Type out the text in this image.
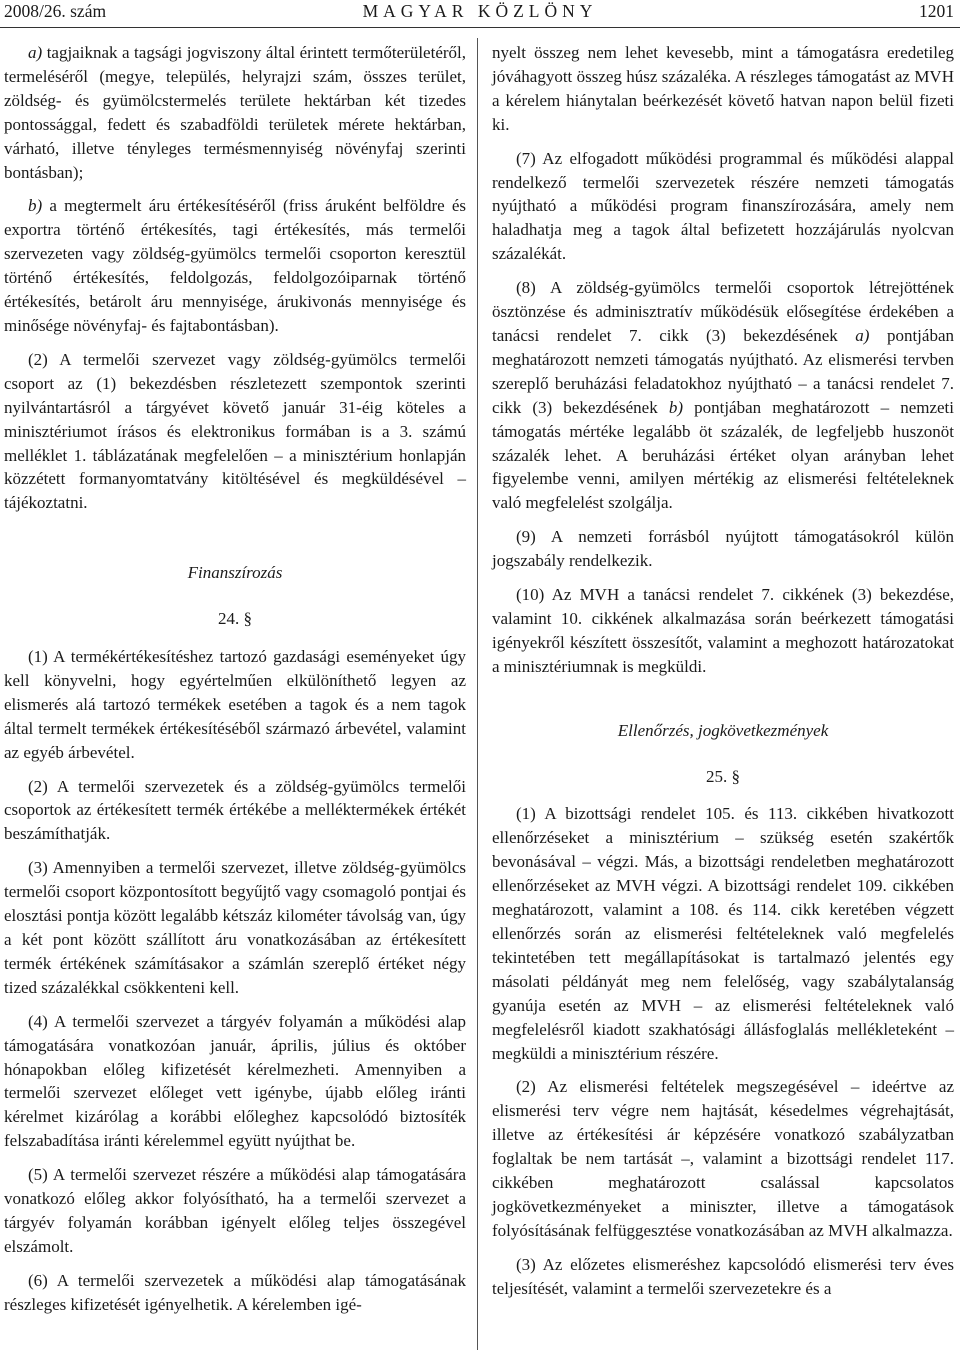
2008/26. szám	MAGYAR KÖZLÖNY	1201

a) tagjaiknak a tagsági jogviszony által érintett termőterületéről, termeléséről (megye, település, helyrajzi szám, összes terület, zöldség- és gyümölcstermelés területe hektárban két tizedes pontossággal, fedett és szabadföldi területek mérete hektárban, várható, illetve tényleges termésmennyiség növényfaj szerinti bontásban);

b) a megtermelt áru értékesítéséről (friss áruként belföldre és exportra történő értékesítés, tagi értékesítés, más termelői szervezeten vagy zöldség-gyümölcs termelői csoporton keresztül történő értékesítés, feldolgozás, feldolgozóiparnak történő értékesítés, betárolt áru mennyisége, árukivonás mennyisége és minősége növényfaj- és fajtabontásban).

(2) A termelői szervezet vagy zöldség-gyümölcs termelői csoport az (1) bekezdésben részletezett szempontok szerinti nyilvántartásról a tárgyévet követő január 31-éig köteles a minisztériumot írásos és elektronikus formában is a 3. számú melléklet 1. táblázatának megfelelően – a minisztérium honlapján közzétett formanyomtatvány kitöltésével és megküldésével – tájékoztatni.

Finanszírozás

24. §

(1) A termékértékesítéshez tartozó gazdasági eseményeket úgy kell könyvelni, hogy egyértelműen elkülöníthető legyen az elismerés alá tartozó termékek esetében a tagok és a nem tagok által termelt termékek értékesítéséből származó árbevétel, valamint az egyéb árbevétel.

(2) A termelői szervezetek és a zöldség-gyümölcs termelői csoportok az értékesített termék értékébe a melléktermékek értékét beszámíthatják.

(3) Amennyiben a termelői szervezet, illetve zöldség-gyümölcs termelői csoport központosított begyűjtő vagy csomagoló pontjai és elosztási pontja között legalább kétszáz kilométer távolság van, úgy a két pont között szállított áru vonatkozásában az értékesített termék értékének számításakor a számlán szereplő értéket négy tized százalékkal csökkenteni kell.

(4) A termelői szervezet a tárgyév folyamán a működési alap támogatására vonatkozóan január, április, július és október hónapokban előleg kifizetését kérelmezheti. Amennyiben a termelői szervezet előleget vett igénybe, újabb előleg iránti kérelmet kizárólag a korábbi előleghez kapcsolódó biztosíték felszabadítása iránti kérelemmel együtt nyújthat be.

(5) A termelői szervezet részére a működési alap támogatására vonatkozó előleg akkor folyósítható, ha a termelői szervezet a tárgyév folyamán korábban igényelt előleg teljes összegével elszámolt.

(6) A termelői szervezetek a működési alap támogatásának részleges kifizetését igényelhetik. A kérelemben igé-

nyelt összeg nem lehet kevesebb, mint a támogatásra eredetileg jóváhagyott összeg húsz százaléka. A részleges támogatást az MVH a kérelem hiánytalan beérkezését követő hatvan napon belül fizeti ki.

(7) Az elfogadott működési programmal és működési alappal rendelkező termelői szervezetek részére nemzeti támogatás nyújtható a működési program finanszírozására, amely nem haladhatja meg a tagok által befizetett hozzájárulás nyolcvan százalékát.

(8) A zöldség-gyümölcs termelői csoportok létrejöttének ösztönzése és adminisztratív működésük elősegítése érdekében a tanácsi rendelet 7. cikk (3) bekezdésének a) pontjában meghatározott nemzeti támogatás nyújtható. Az elismerési tervben szereplő beruházási feladatokhoz nyújtható – a tanácsi rendelet 7. cikk (3) bekezdésének b) pontjában meghatározott – nemzeti támogatás mértéke legalább öt százalék, de legfeljebb huszonöt százalék lehet. A beruházási értéket olyan arányban lehet figyelembe venni, amilyen mértékig az elismerési feltételeknek való megfelelést szolgálja.

(9) A nemzeti forrásból nyújtott támogatásokról külön jogszabály rendelkezik.

(10) Az MVH a tanácsi rendelet 7. cikkének (3) bekezdése, valamint 10. cikkének alkalmazása során beérkezett támogatási igényekről készített összesítőt, valamint a meghozott határozatokat a minisztériumnak is megküldi.

Ellenőrzés, jogkövetkezmények

25. §

(1) A bizottsági rendelet 105. és 113. cikkében hivatkozott ellenőrzéseket a minisztérium – szükség esetén szakértők bevonásával – végzi. Más, a bizottsági rendeletben meghatározott ellenőrzéseket az MVH végzi. A bizottsági rendelet 109. cikkében meghatározott, valamint a 108. és 114. cikk keretében végzett ellenőrzés során az elismerési feltételeknek való megfelelés tekintetében tett megállapításokat is tartalmazó jelentés egy másolati példányát meg nem felelőség, vagy szabálytalanság gyanúja esetén az MVH – az elismerési feltételeknek való megfelelésről kiadott szakhatósági állásfoglalás mellékleteként – megküldi a minisztérium részére.

(2) Az elismerési feltételek megszegésével – ideértve az elismerési terv végre nem hajtását, késedelmes végrehajtását, illetve az értékesítési ár képzésére vonatkozó szabályzatban foglaltak be nem tartását –, valamint a bizottsági rendelet 117. cikkében meghatározott csalással kapcsolatos jogkövetkezményeket a miniszter, illetve a támogatások folyósításának felfüggesztése vonatkozásában az MVH alkalmazza.

(3) Az előzetes elismeréshez kapcsolódó elismerési terv éves teljesítését, valamint a termelői szervezetekre és a
